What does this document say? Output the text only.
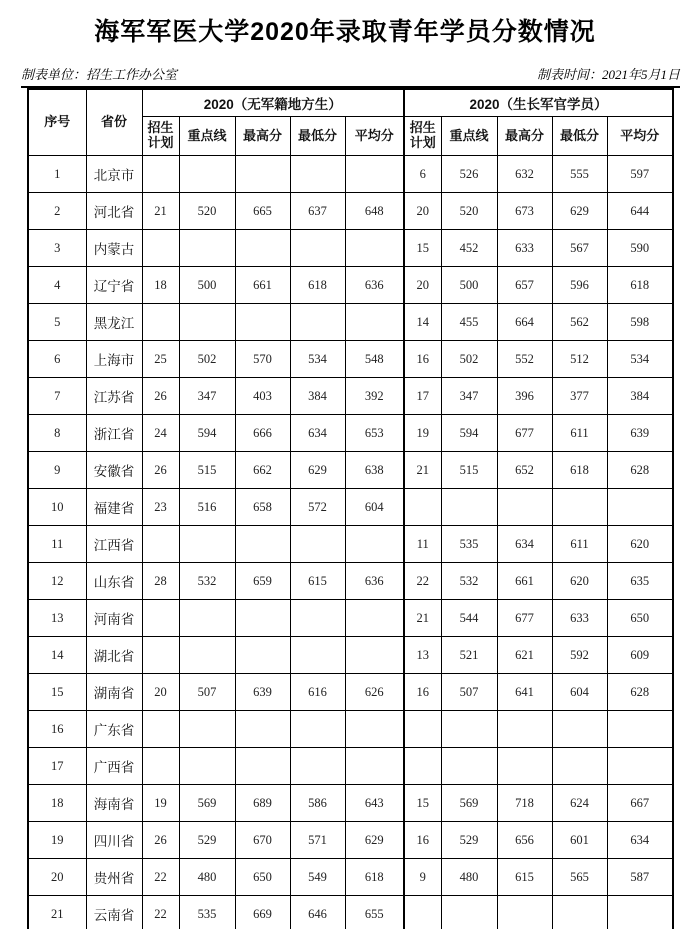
海军军医大学2020年录取青年学员分数情况
制表单位：招生工作办公室	制表时间：2021年5月1日
序号	省份	2020（无军籍地方生）					2020（生长军官学员）				
		招生计划	重点线	最高分	最低分	平均分	招生计划	重点线	最高分	最低分	平均分
1	北京市						6	526	632	555	597
2	河北省	21	520	665	637	648	20	520	673	629	644
3	内蒙古						15	452	633	567	590
4	辽宁省	18	500	661	618	636	20	500	657	596	618
5	黑龙江						14	455	664	562	598
6	上海市	25	502	570	534	548	16	502	552	512	534
7	江苏省	26	347	403	384	392	17	347	396	377	384
8	浙江省	24	594	666	634	653	19	594	677	611	639
9	安徽省	26	515	662	629	638	21	515	652	618	628
10	福建省	23	516	658	572	604					
11	江西省						11	535	634	611	620
12	山东省	28	532	659	615	636	22	532	661	620	635
13	河南省						21	544	677	633	650
14	湖北省						13	521	621	592	609
15	湖南省	20	507	639	616	626	16	507	641	604	628
16	广东省										
17	广西省										
18	海南省	19	569	689	586	643	15	569	718	624	667
19	四川省	26	529	670	571	629	16	529	656	601	634
20	贵州省	22	480	650	549	618	9	480	615	565	587
21	云南省	22	535	669	646	655					
